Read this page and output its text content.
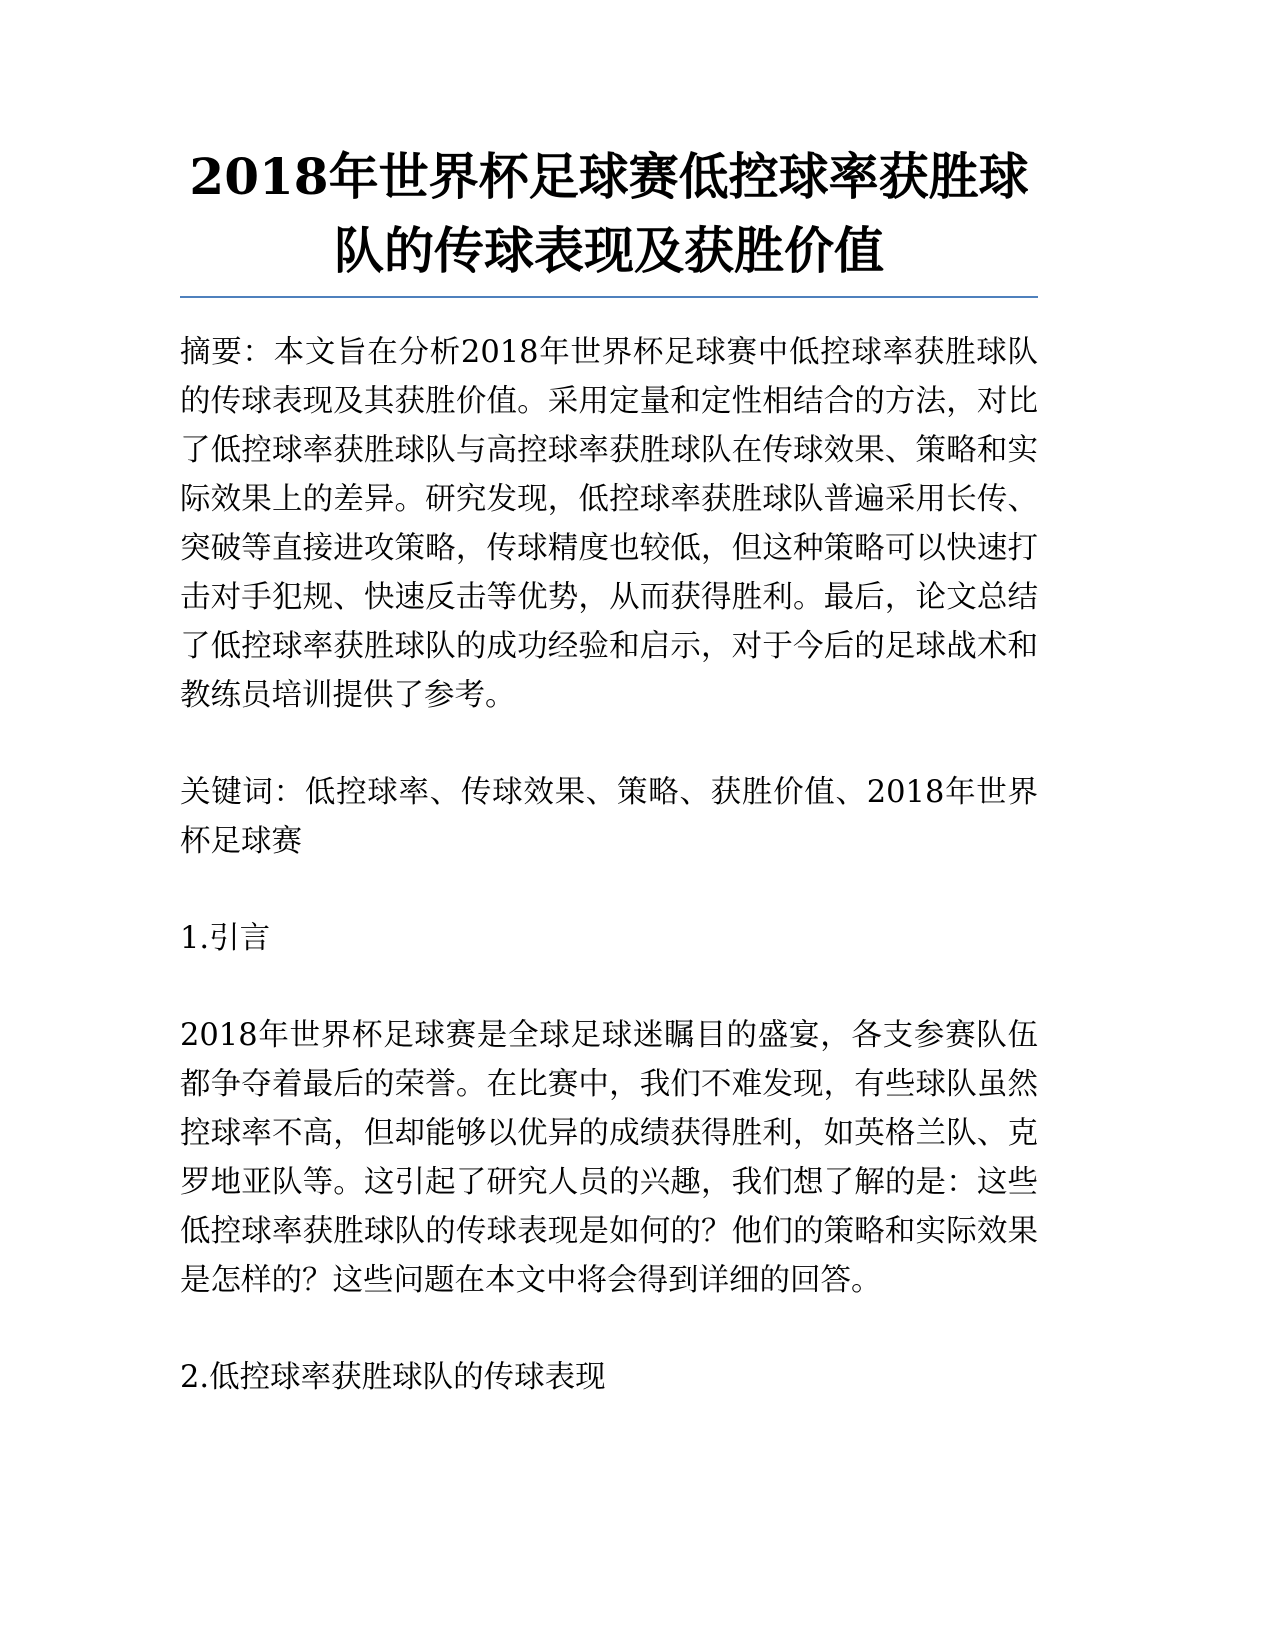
2018年世界杯足球赛低控球率获胜球队的传球表现及获胜价值

摘要：本文旨在分析2018年世界杯足球赛中低控球率获胜球队的传球表现及其获胜价值。采用定量和定性相结合的方法，对比了低控球率获胜球队与高控球率获胜球队在传球效果、策略和实际效果上的差异。研究发现，低控球率获胜球队普遍采用长传、突破等直接进攻策略，传球精度也较低，但这种策略可以快速打击对手犯规、快速反击等优势，从而获得胜利。最后，论文总结了低控球率获胜球队的成功经验和启示，对于今后的足球战术和教练员培训提供了参考。

关键词：低控球率、传球效果、策略、获胜价值、2018年世界杯足球赛

1.引言

2018年世界杯足球赛是全球足球迷瞩目的盛宴，各支参赛队伍都争夺着最后的荣誉。在比赛中，我们不难发现，有些球队虽然控球率不高，但却能够以优异的成绩获得胜利，如英格兰队、克罗地亚队等。这引起了研究人员的兴趣，我们想了解的是：这些低控球率获胜球队的传球表现是如何的？他们的策略和实际效果是怎样的？这些问题在本文中将会得到详细的回答。

2.低控球率获胜球队的传球表现
